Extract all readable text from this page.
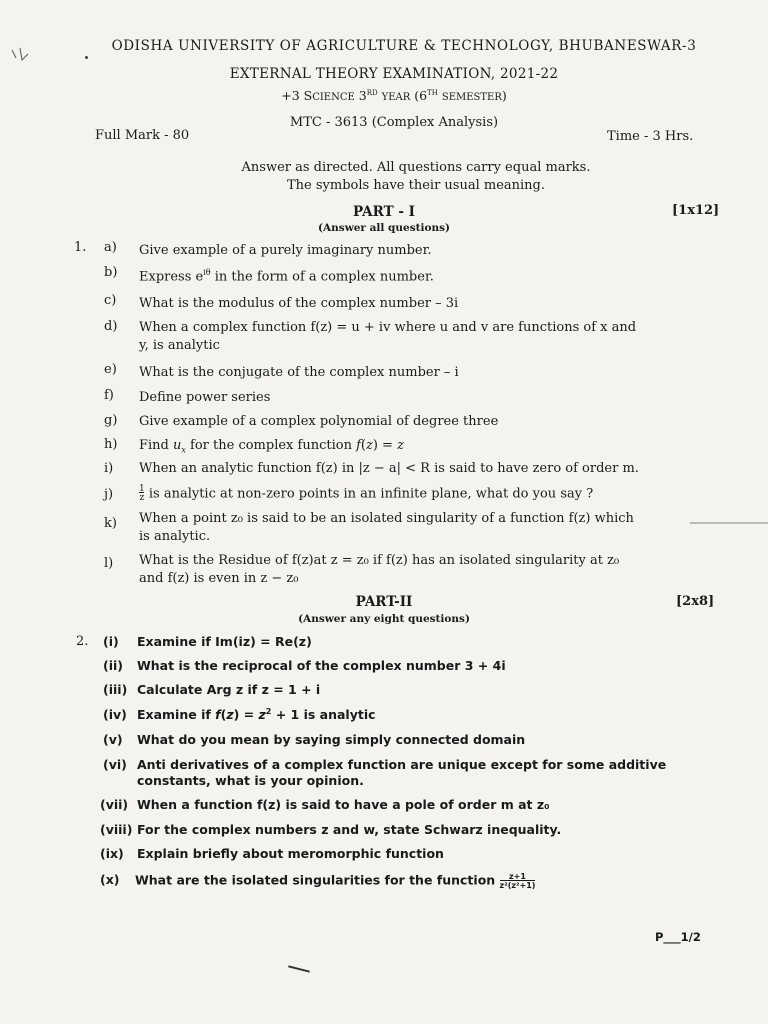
ODISHA UNIVERSITY OF AGRICULTURE & TECHNOLOGY, BHUBANESWAR-3
EXTERNAL THEORY EXAMINATION, 2021-22
+3 SCIENCE 3RD YEAR (6TH SEMESTER)
MTC - 3613 (Complex Analysis)
Full Mark - 80	Time - 3 Hrs.
Answer as directed. All questions carry equal marks.
The symbols have their usual meaning.
PART - I
(Answer all questions)
[1x12]
1. a) Give example of a purely imaginary number.
b) Express $e^{i\theta}$ in the form of a complex number.
c) What is the modulus of the complex number – 3i
d) When a complex function f(z) = u + iv where u and v are functions of x and
y, is analytic
e) What is the conjugate of the complex number – i
f) Define power series
g) Give example of a complex polynomial of degree three
h) Find $u_x$ for the complex function f(z) = z
i) When an analytic function f(z) in |z − a| < R is said to have zero of order m.
j)	1
z is analytic at non-zero points in an infinite plane, what do you say ?
k) When a point z₀ is said to be an isolated singularity of a function f(z) which
is analytic.
l) What is the Residue of f(z)at z = z₀ if f(z) has an isolated singularity at z₀
and f(z) is even in z − z₀
PART-II
(Answer any eight questions)
[2x8]
2. (i) Examine if Im(iz) = Re(z)
(ii) What is the reciprocal of the complex number 3 + 4i
(iii) Calculate Arg z if z = 1 + i
(iv) Examine if $f(z) = z^2 + 1$ is analytic
(v) What do you mean by saying simply connected domain
(vi) Anti derivatives of a complex function are unique except for some additive
constants, what is your opinion.
(vii) When a function f(z) is said to have a pole of order m at z₀
(viii) For the complex numbers z and w, state Schwarz inequality.
(ix) Explain briefly about meromorphic function
(x) What are the isolated singularities for the function z+1
z²(z²+1)
P___1/2
